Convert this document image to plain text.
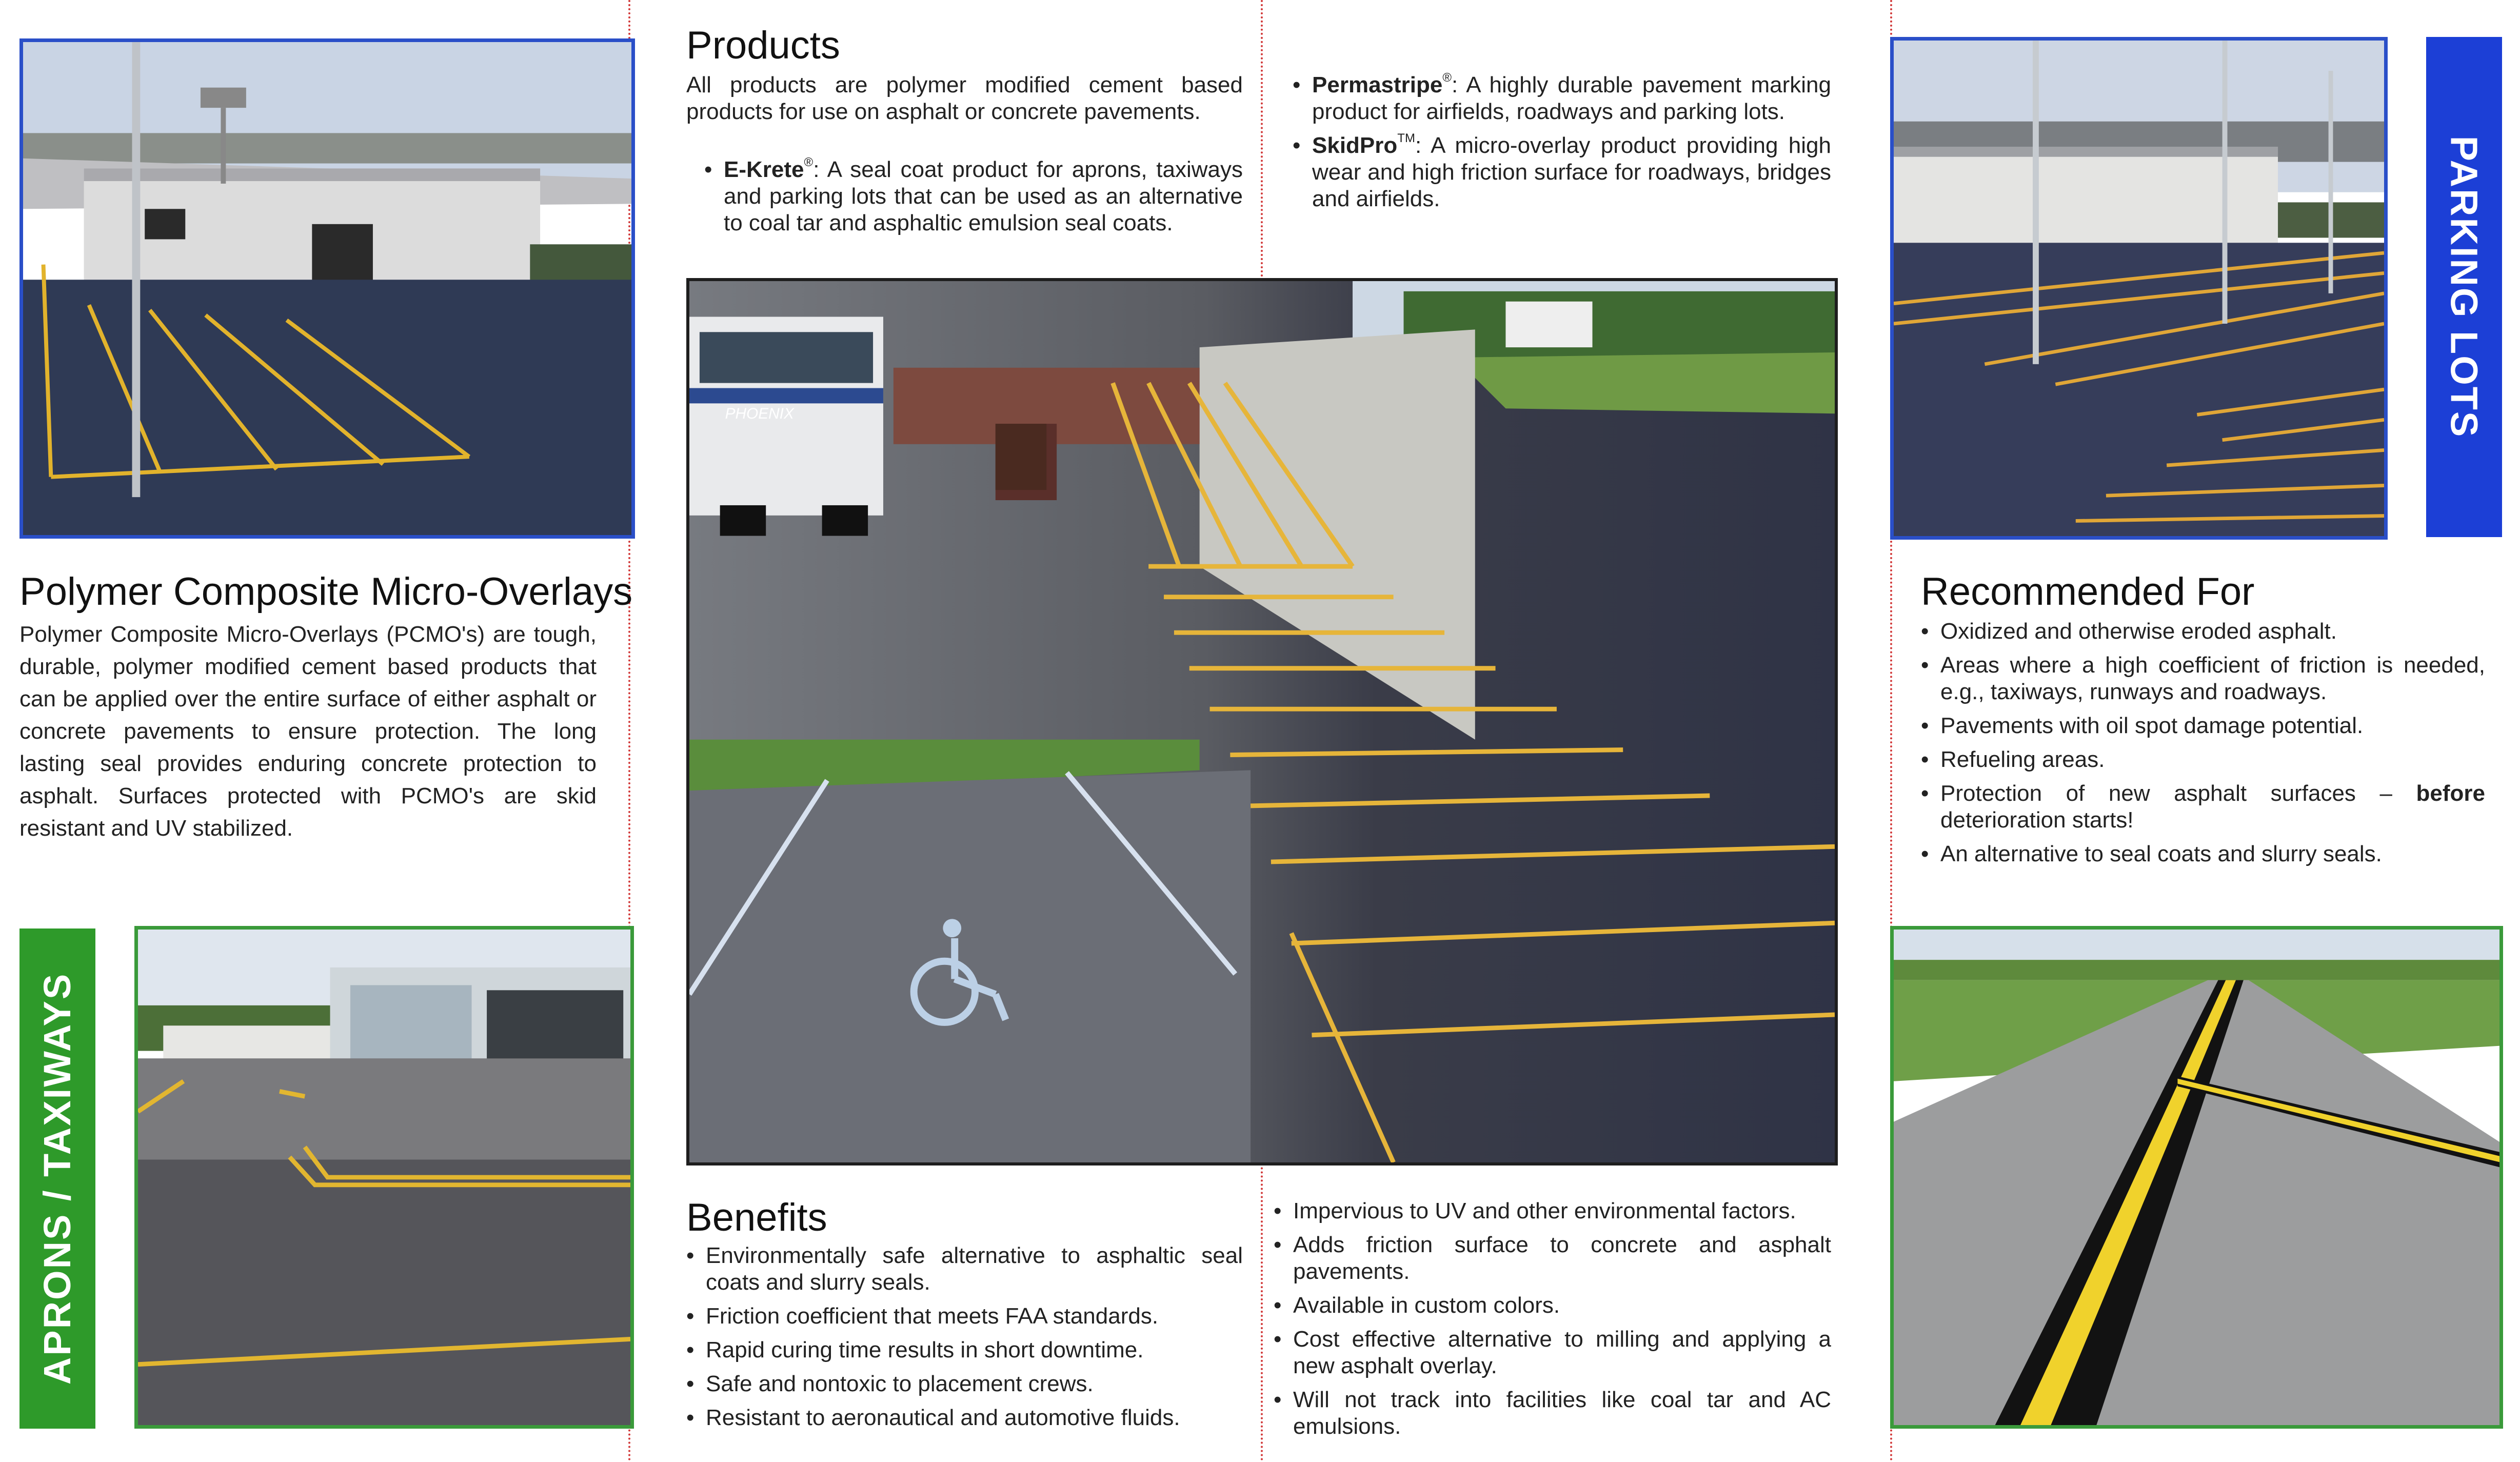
Polymer Composite Micro-Overlays
Polymer Composite Micro-Overlays (PCMO's) are tough, durable, polymer modified cement based products that can be applied over the entire surface of either asphalt or concrete pavements to ensure protection. The long lasting seal provides enduring concrete protection to asphalt. Surfaces protected with PCMO's are skid resistant and UV stabilized.
APRONS / TAXIWAYS
Products
All products are polymer modified cement based products for use on asphalt or concrete pavements.
• E-Krete®: A seal coat product for aprons, taxiways and parking lots that can be used as an alternative to coal tar and asphaltic emulsion seal coats.
• Permastripe®: A highly durable pavement marking product for airfields, roadways and parking lots.
• SkidPro™: A micro-overlay product providing high wear and high friction surface for roadways, bridges and airfields.
PHOENIX
Benefits
• Environmentally safe alternative to asphaltic seal coats and slurry seals.
• Friction coefficient that meets FAA standards.
• Rapid curing time results in short downtime.
• Safe and nontoxic to placement crews.
• Resistant to aeronautical and automotive fluids.
• Impervious to UV and other environmental factors.
• Adds friction surface to concrete and asphalt pavements.
• Available in custom colors.
• Cost effective alternative to milling and applying a new asphalt overlay.
• Will not track into facilities like coal tar and AC emulsions.
PARKING LOTS
Recommended For
• Oxidized and otherwise eroded asphalt.
• Areas where a high coefficient of friction is needed, e.g., taxiways, runways and roadways.
• Pavements with oil spot damage potential.
• Refueling areas.
• Protection of new asphalt surfaces – before deterioration starts!
• An alternative to seal coats and slurry seals.
